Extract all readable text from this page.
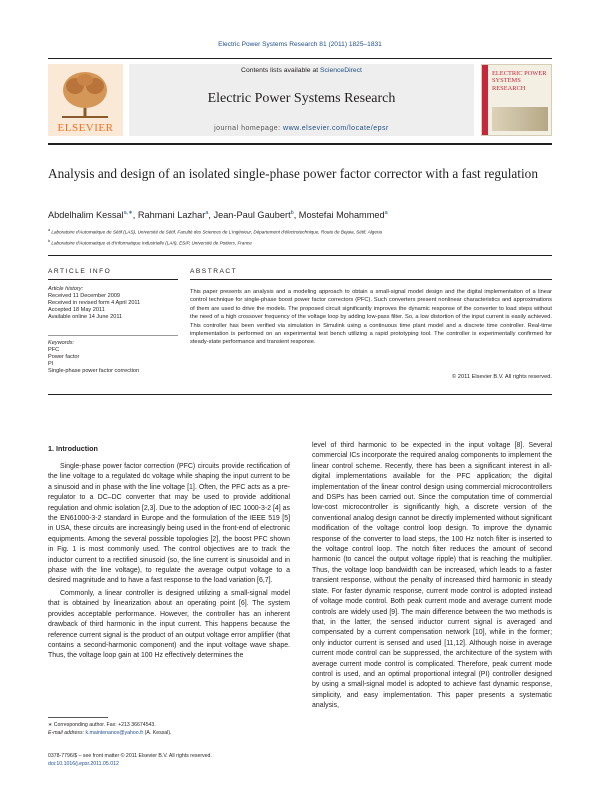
Electric Power Systems Research 81 (2011) 1825–1831
ELSEVIER
Contents lists available at ScienceDirect
Electric Power Systems Research
journal homepage: www.elsevier.com/locate/epsr
ELECTRIC POWER SYSTEMS RESEARCH
Analysis and design of an isolated single-phase power factor corrector with a fast regulation
Abdelhalim Kessal$^{a,∗}$, Rahmani Lazhar$^a$, Jean-Paul Gaubert$^b$, Mostefai Mohammed$^a$
$^a$ Laboratoire d'Automatique de Sétif (LAS), Université de Sétif, Faculté des Sciences de L'ingénieur, Département d'électrotechnique, Route de Bejaia, Sétif, Algeria
$^b$ Laboratoire d'Automatique et d'Informatique Industrielle (LAII), ESIP, Université de Poitiers, France
ARTICLE INFO	ABSTRACT
Article history:
Received 11 December 2009
Received in revised form 4 April 2011
Accepted 18 May 2011
Available online 14 June 2011
Keywords:
PFC
Power factor
PI
Single-phase power factor correction
This paper presents an analysis and a modeling approach to obtain a small-signal model design and the digital implementation of a linear control technique for single-phase boost power factor correctors (PFC). Such converters present nonlinear characteristics and approximations of them are used to drive the models. The proposed circuit significantly improves the dynamic response of the converter to load steps without the need of a high crossover frequency of the voltage loop by adding low-pass filter. So, a low distortion of the input current is easily achieved. This controller has been verified via simulation in Simulink using a continuous time plant model and a discrete time controller. Real-time implementation is performed on an experimental test bench utilizing a rapid prototyping tool. The controller is experimentally confirmed for steady-state performance and transient response.
© 2011 Elsevier B.V. All rights reserved.
1. Introduction

Single-phase power factor correction (PFC) circuits provide rectification of the line voltage to a regulated dc voltage while shaping the input current to be a sinusoid and in phase with the line voltage [1]. Often, the PFC acts as a pre-regulator to a DC–DC converter that may be used to provide additional regulation and ohmic isolation [2,3]. Due to the adoption of IEC 1000-3-2 [4] as the EN61000-3-2 standard in Europe and the formulation of the IEEE 519 [5] in USA, these circuits are increasingly being used in the front-end of electronic equipments. Among the several possible topologies [2], the boost PFC shown in Fig. 1 is most commonly used. The control objectives are to track the inductor current to a rectified sinusoid (so, the line current is sinusoidal and in phase with the line voltage), to regulate the average output voltage to a desired magnitude and to have a fast response to the load variation [6,7].

Commonly, a linear controller is designed utilizing a small-signal model that is obtained by linearization about an operating point [6]. The system provides acceptable performance. However, the controller has an inherent drawback of third harmonic in the input current. This happens because the reference current signal is the product of an output voltage error amplifier (that contains a second-harmonic component) and the input voltage wave shape. Thus, the voltage loop gain at 100 Hz effectively determines the

level of third harmonic to be expected in the input voltage [8]. Several commercial ICs incorporate the required analog components to implement the linear control scheme. Recently, there has been a significant interest in all-digital implementations available for the PFC application; the digital implementation of the linear control design using commercial microcontrollers and DSPs has been carried out. Since the computation time of commercial low-cost microcontroller is significantly high, a discrete version of the conventional analog design cannot be directly implemented without significant modification of the voltage control loop design. To improve the dynamic response of the converter to load steps, the 100 Hz notch filter is inserted to the voltage control loop. The notch filter reduces the amount of second harmonic (to cancel the output voltage ripple) that is reaching the multiplier. Thus, the voltage loop bandwidth can be increased, which leads to a faster transient response, without the penalty of increased third harmonic in steady state. For faster dynamic response, current mode control is adopted instead of voltage mode control. Both peak current mode and average current mode controls are widely used [9]. The main difference between the two methods is that, in the latter, the sensed inductor current signal is averaged and compensated by a current compensation network [10], while in the former; only inductor current is sensed and used [11,12]. Although noise in average current mode control can be suppressed, the architecture of the system with average current mode control is complicated. Therefore, peak current mode control is used, and an optimal proportional integral (PI) controller designed by using a small-signal model is adopted to achieve fast dynamic response, simplicity, and easy implementation. This paper presents a systematic analysis,

∗ Corresponding author. Fax: +213 36674543.
E-mail address: k.maintenance@yahoo.fr (A. Kessal).
0378-7796/$ – see front matter © 2011 Elsevier B.V. All rights reserved.
doi:10.1016/j.epsr.2011.05.012
